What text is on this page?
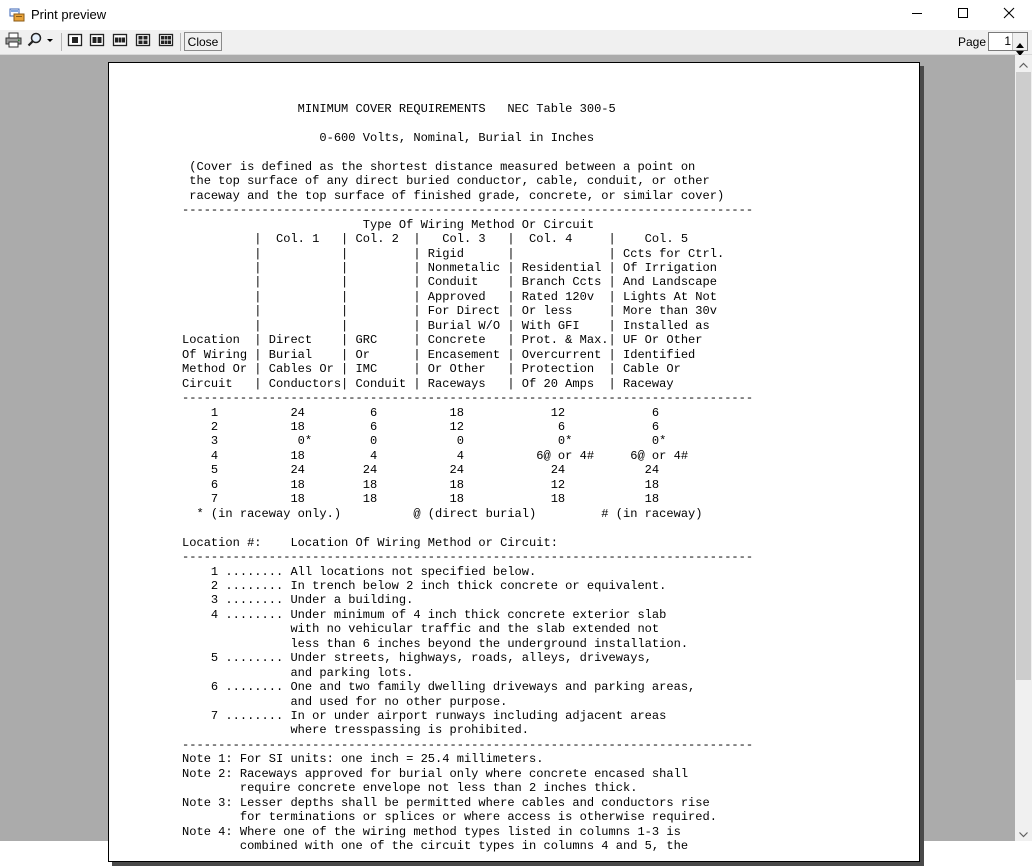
Print preview
Close	Page 1
MINIMUM COVER REQUIREMENTS   NEC Table 300-5

0-600 Volts, Nominal, Burial in Inches

(Cover is defined as the shortest distance measured between a point on
the top surface of any direct buried conductor, cable, conduit, or other
raceway and the top surface of finished grade, concrete, or similar cover)
-------------------------------------------------------------------------------
Type Of Wiring Method Or Circuit
|  Col. 1   | Col. 2  |   Col. 3   |  Col. 4     |    Col. 5
|           |         | Rigid      |             | Ccts for Ctrl.
|           |         | Nonmetalic | Residential | Of Irrigation
|           |         | Conduit    | Branch Ccts | And Landscape
|           |         | Approved   | Rated 120v  | Lights At Not
|           |         | For Direct | Or less     | More than 30v
|           |         | Burial W/O | With GFI    | Installed as
Location  | Direct    | GRC     | Concrete   | Prot. & Max.| UF Or Other
Of Wiring | Burial    | Or      | Encasement | Overcurrent | Identified
Method Or | Cables Or | IMC     | Or Other   | Protection  | Cable Or
Circuit   | Conductors| Conduit | Raceways   | Of 20 Amps  | Raceway
-------------------------------------------------------------------------------
1          24         6          18            12            6
2          18         6          12             6            6
3           0*        0           0             0*           0*
4          18         4           4          6@ or 4#     6@ or 4#
5          24        24          24            24           24
6          18        18          18            12           18
7          18        18          18            18           18
* (in raceway only.)          @ (direct burial)         # (in raceway)

Location #:    Location Of Wiring Method or Circuit:
-------------------------------------------------------------------------------
1 ........ All locations not specified below.
2 ........ In trench below 2 inch thick concrete or equivalent.
3 ........ Under a building.
4 ........ Under minimum of 4 inch thick concrete exterior slab
with no vehicular traffic and the slab extended not
less than 6 inches beyond the underground installation.
5 ........ Under streets, highways, roads, alleys, driveways,
and parking lots.
6 ........ One and two family dwelling driveways and parking areas,
and used for no other purpose.
7 ........ In or under airport runways including adjacent areas
where tresspassing is prohibited.
-------------------------------------------------------------------------------
Note 1: For SI units: one inch = 25.4 millimeters.
Note 2: Raceways approved for burial only where concrete encased shall
require concrete envelope not less than 2 inches thick.
Note 3: Lesser depths shall be permitted where cables and conductors rise
for terminations or splices or where access is otherwise required.
Note 4: Where one of the wiring method types listed in columns 1-3 is
combined with one of the circuit types in columns 4 and 5, the
